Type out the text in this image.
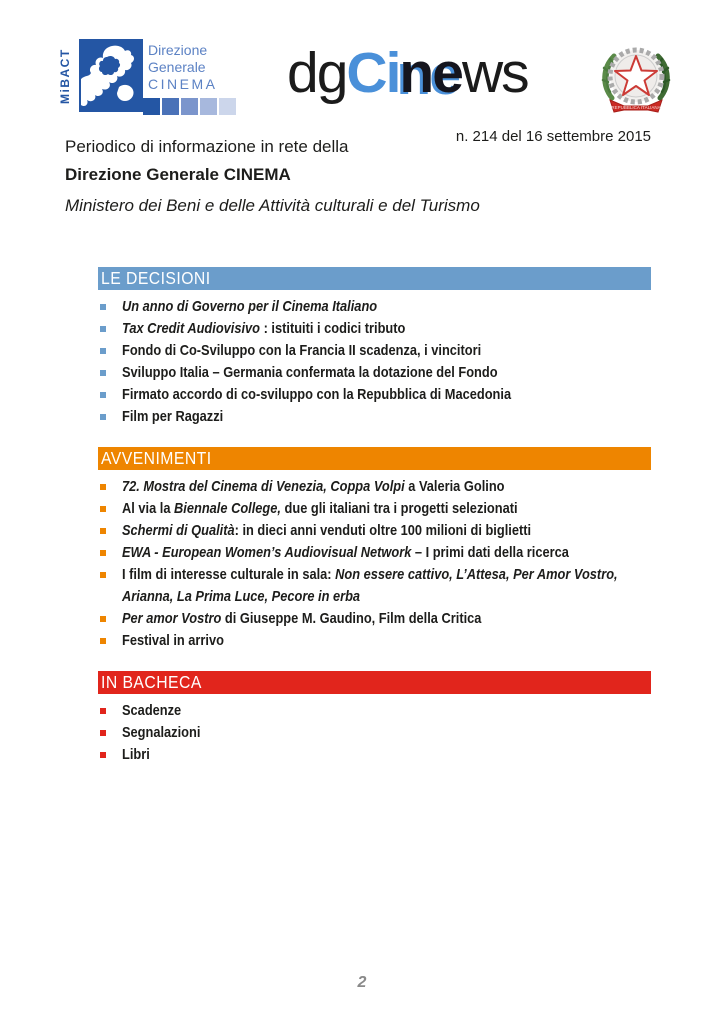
MiBACT	Direzione
Generale
CINEMA dgCinews
REPUBBLICA ITALIANA
n. 214 del 16 settembre 2015
Periodico di informazione in rete della
Direzione Generale CINEMA
Ministero dei Beni e delle Attività culturali e del Turismo
LE DECISIONI
Un anno di Governo per il Cinema Italiano
Tax Credit Audiovisivo : istituiti i codici tributo
Fondo di Co-Sviluppo con la Francia II scadenza, i vincitori
Sviluppo Italia – Germania confermata la dotazione del Fondo
Firmato accordo di co-sviluppo con la Repubblica di Macedonia
Film per Ragazzi
AVVENIMENTI
72. Mostra del Cinema di Venezia, Coppa Volpi a Valeria Golino
Al via la Biennale College, due gli italiani tra i progetti selezionati
Schermi di Qualità: in dieci anni venduti oltre 100 milioni di biglietti
EWA - European Women’s Audiovisual Network – I primi dati della ricerca
I film di interesse culturale in sala: Non essere cattivo, L’Attesa, Per Amor Vostro, Arianna, La Prima Luce, Pecore in erba
Per amor Vostro di Giuseppe M. Gaudino, Film della Critica
Festival in arrivo
IN BACHECA
Scadenze
Segnalazioni
Libri
2
